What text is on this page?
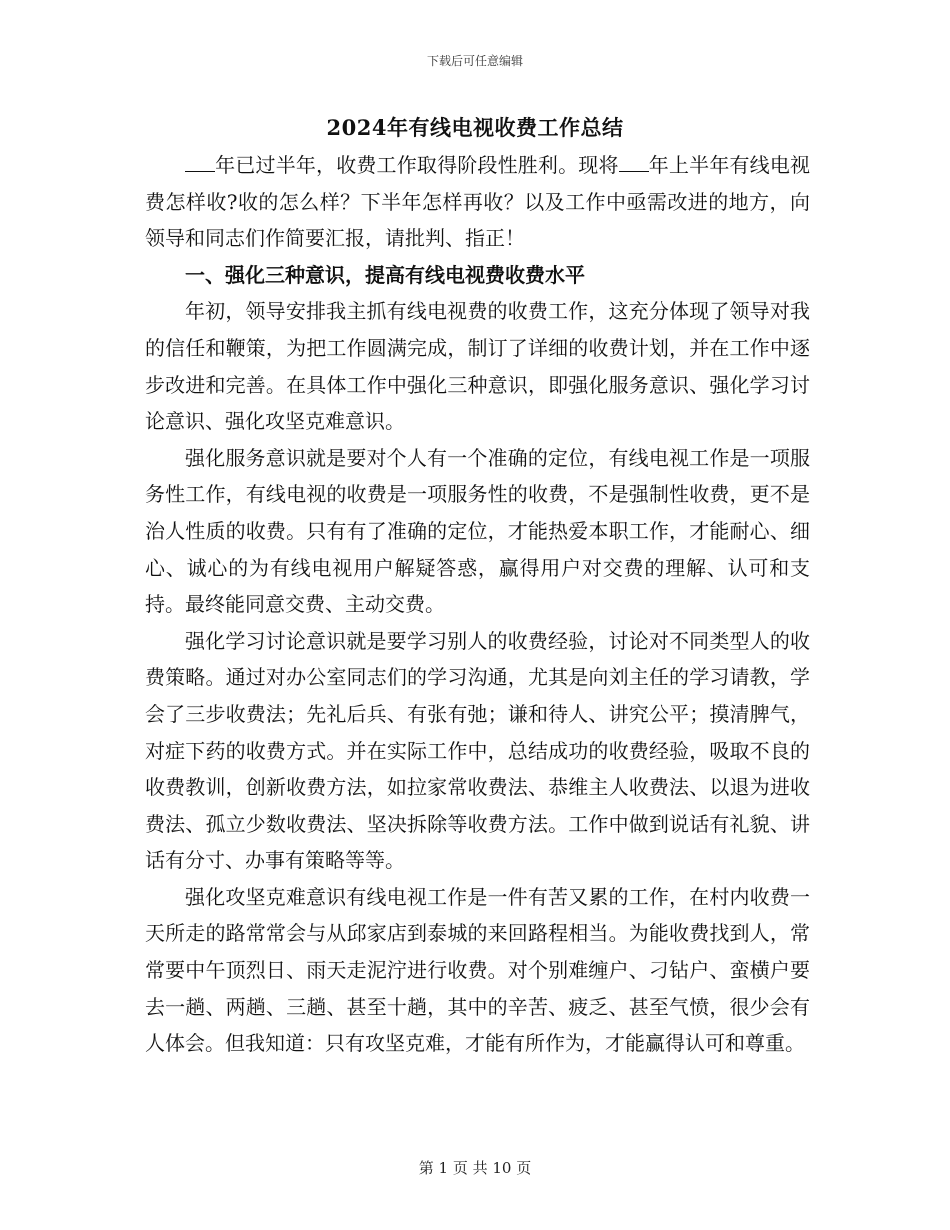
下载后可任意编辑
2024年有线电视收费工作总结

年已过半年，收费工作取得阶段性胜利。现将 年上半年有线电视费怎样收?收的怎么样？下半年怎样再收？以及工作中亟需改进的地方，向领导和同志们作简要汇报，请批判、指正！

一、强化三种意识，提高有线电视费收费水平

年初，领导安排我主抓有线电视费的收费工作，这充分体现了领导对我的信任和鞭策，为把工作圆满完成，制订了详细的收费计划，并在工作中逐步改进和完善。在具体工作中强化三种意识，即强化服务意识、强化学习讨论意识、强化攻坚克难意识。

强化服务意识就是要对个人有一个准确的定位，有线电视工作是一项服务性工作，有线电视的收费是一项服务性的收费，不是强制性收费，更不是治人性质的收费。只有有了准确的定位，才能热爱本职工作，才能耐心、细心、诚心的为有线电视用户解疑答惑，赢得用户对交费的理解、认可和支持。最终能同意交费、主动交费。

强化学习讨论意识就是要学习别人的收费经验，讨论对不同类型人的收费策略。通过对办公室同志们的学习沟通，尤其是向刘主任的学习请教，学会了三步收费法；先礼后兵、有张有弛；谦和待人、讲究公平；摸清脾气，对症下药的收费方式。并在实际工作中，总结成功的收费经验，吸取不良的收费教训，创新收费方法，如拉家常收费法、恭维主人收费法、以退为进收费法、孤立少数收费法、坚决拆除等收费方法。工作中做到说话有礼貌、讲话有分寸、办事有策略等等。

强化攻坚克难意识有线电视工作是一件有苦又累的工作，在村内收费一天所走的路常常会与从邱家店到泰城的来回路程相当。为能收费找到人，常常要中午顶烈日、雨天走泥泞进行收费。对个别难缠户、刁钻户、蛮横户要去一趟、两趟、三趟、甚至十趟，其中的辛苦、疲乏、甚至气愤，很少会有人体会。但我知道：只有攻坚克难，才能有所作为，才能赢得认可和尊重。

第 1 页 共 10 页
